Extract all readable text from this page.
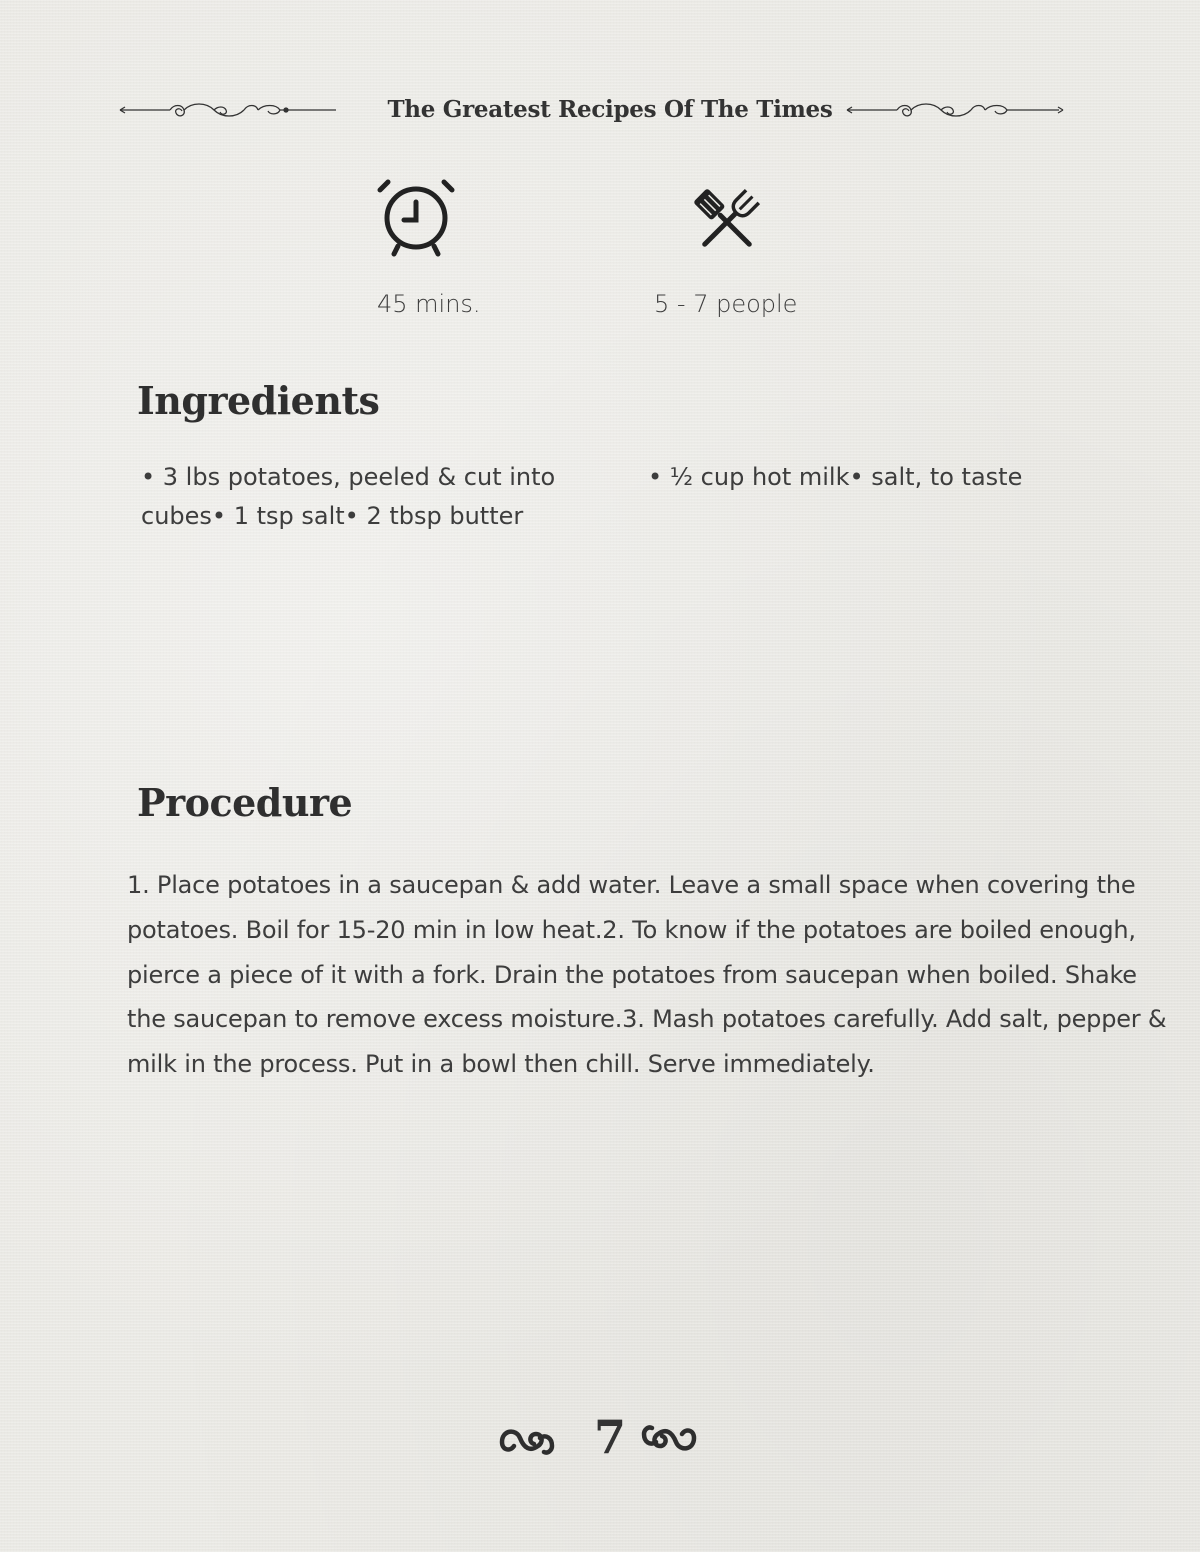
The Greatest Recipes Of The Times
45 mins.	5 - 7 people
Ingredients
• 3 lbs potatoes, peeled & cut into cubes• 1 tsp salt• 2 tbsp butter
• ½ cup hot milk• salt, to taste
Procedure
1. Place potatoes in a saucepan & add water. Leave a small space when covering the potatoes. Boil for 15-20 min in low heat.2. To know if the potatoes are boiled enough, pierce a piece of it with a fork. Drain the potatoes from saucepan when boiled. Shake the saucepan to remove excess moisture.3. Mash potatoes carefully. Add salt, pepper & milk in the process. Put in a bowl then chill. Serve immediately.
7
